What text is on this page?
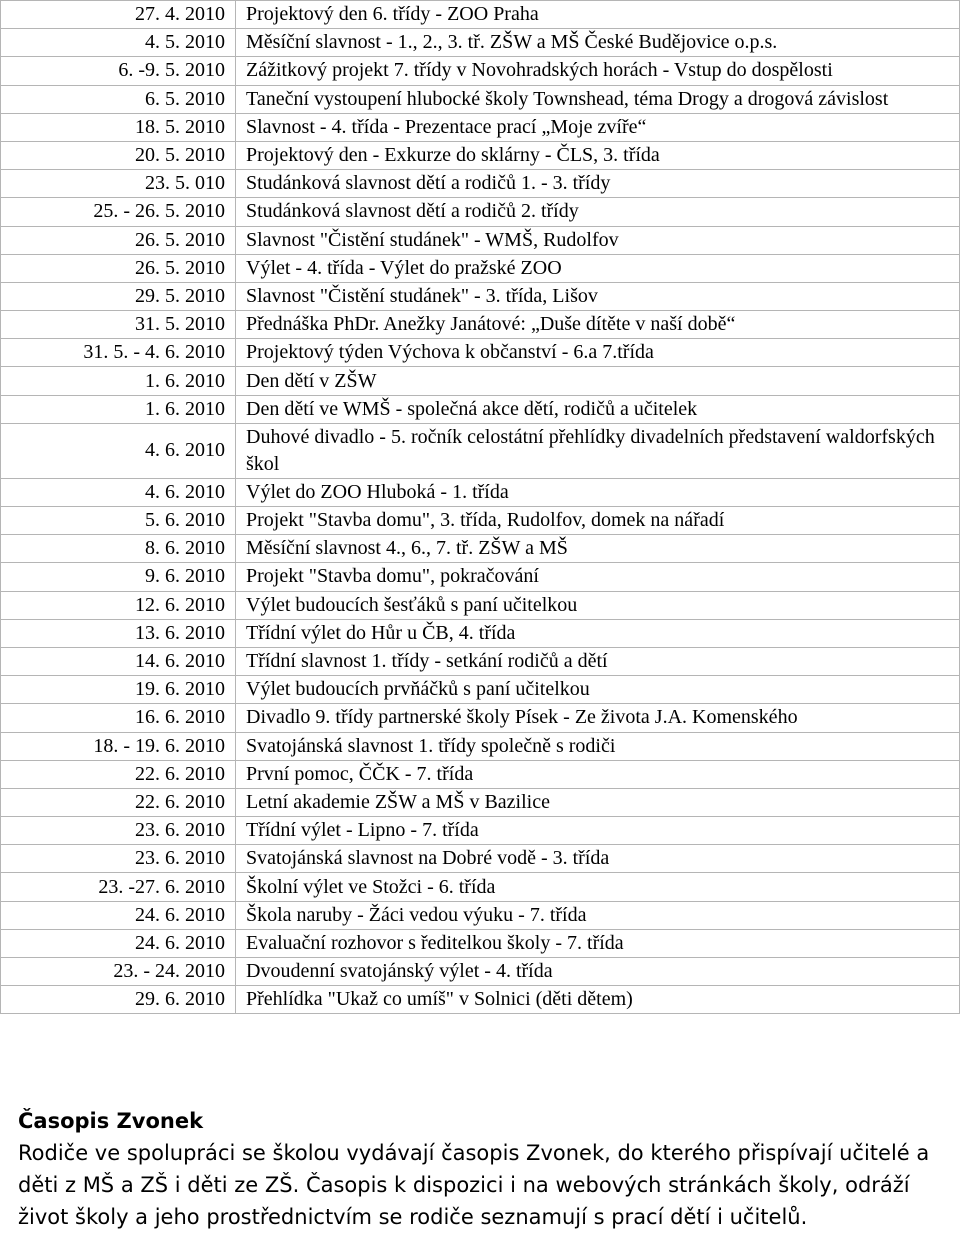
27. 4. 2010	Projektový den 6. třídy - ZOO Praha
4. 5. 2010	Měsíční slavnost - 1., 2., 3. tř. ZŠW a MŠ České Budějovice o.p.s.
6. -9. 5. 2010	Zážitkový projekt 7. třídy v Novohradských horách - Vstup do dospělosti
6. 5. 2010	Taneční vystoupení hlubocké školy Townshead, téma Drogy a drogová závislost
18. 5. 2010	Slavnost - 4. třída - Prezentace prací „Moje zvíře“
20. 5. 2010	Projektový den - Exkurze do sklárny - ČLS, 3. třída
23. 5. 010	Studánková slavnost dětí a rodičů 1. - 3. třídy
25. - 26. 5. 2010	Studánková slavnost dětí a rodičů 2. třídy
26. 5. 2010	Slavnost "Čistění studánek" - WMŠ, Rudolfov
26. 5. 2010	Výlet - 4. třída - Výlet do pražské ZOO
29. 5. 2010	Slavnost "Čistění studánek" - 3. třída, Lišov
31. 5. 2010	Přednáška PhDr. Anežky Janátové: „Duše dítěte v naší době“
31. 5. - 4. 6. 2010	Projektový týden Výchova k občanství - 6.a 7.třída
1. 6. 2010	Den dětí v ZŠW
1. 6. 2010	Den dětí ve WMŠ - společná akce dětí, rodičů a učitelek
4. 6. 2010	Duhové divadlo - 5. ročník celostátní přehlídky divadelních představení waldorfských škol
4. 6. 2010	Výlet do ZOO Hluboká - 1. třída
5. 6. 2010	Projekt "Stavba domu", 3. třída, Rudolfov, domek na nářadí
8. 6. 2010	Měsíční slavnost 4., 6., 7. tř. ZŠW a MŠ
9. 6. 2010	Projekt "Stavba domu", pokračování
12. 6. 2010	Výlet budoucích šesťáků s paní učitelkou
13. 6. 2010	Třídní výlet do Hůr u ČB, 4. třída
14. 6. 2010	Třídní slavnost 1. třídy - setkání rodičů a dětí
19. 6. 2010	Výlet budoucích prvňáčků s paní učitelkou
16. 6. 2010	Divadlo 9. třídy partnerské školy Písek - Ze života J.A. Komenského
18. - 19. 6. 2010	Svatojánská slavnost 1. třídy společně s rodiči
22. 6. 2010	První pomoc, ČČK - 7. třída
22. 6. 2010	Letní akademie ZŠW a MŠ v Bazilice
23. 6. 2010	Třídní výlet - Lipno - 7. třída
23. 6. 2010	Svatojánská slavnost na Dobré vodě - 3. třída
23. -27. 6. 2010	Školní výlet ve Stožci - 6. třída
24. 6. 2010	Škola naruby - Žáci vedou výuku - 7. třída
24. 6. 2010	Evaluační rozhovor s ředitelkou školy - 7. třída
23. - 24. 2010	Dvoudenní svatojánský výlet - 4. třída
29. 6. 2010	Přehlídka "Ukaž co umíš" v Solnici (děti dětem)
Časopis Zvonek

Rodiče ve spolupráci se školou vydávají časopis Zvonek, do kterého přispívají učitelé a děti z MŠ a ZŠ i děti ze ZŠ. Časopis k dispozici i na webových stránkách školy, odráží život školy a jeho prostřednictvím se rodiče seznamují s prací dětí i učitelů.
